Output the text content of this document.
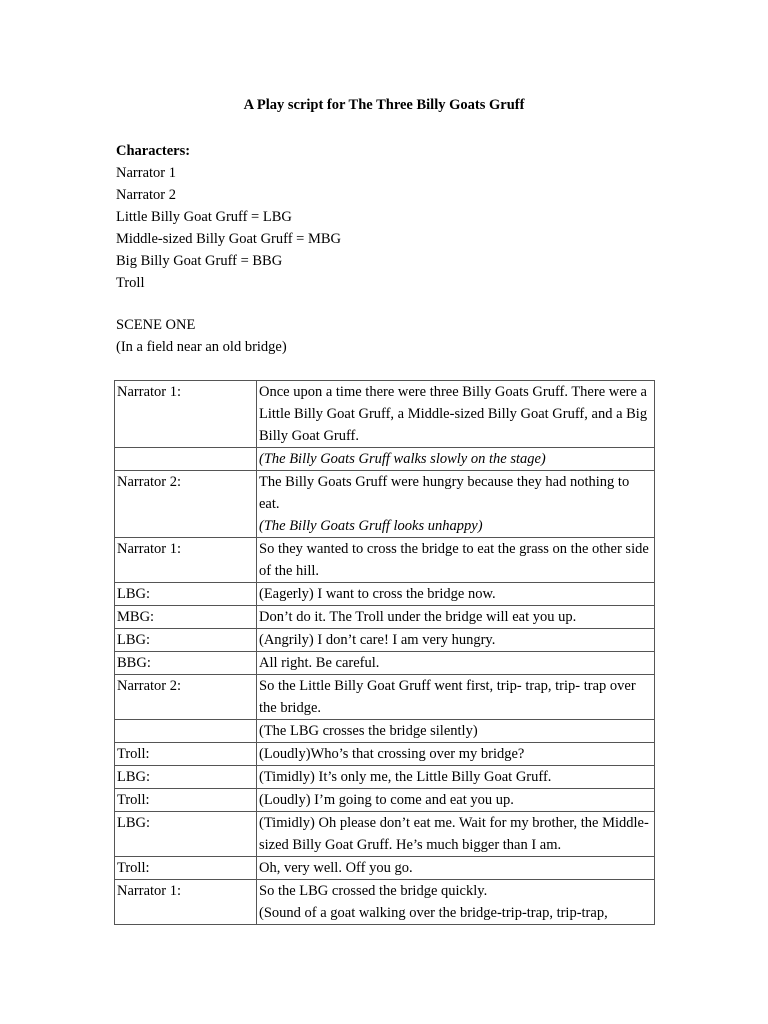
A Play script for The Three Billy Goats Gruff
Characters:
Narrator 1
Narrator 2
Little Billy Goat Gruff = LBG
Middle-sized Billy Goat Gruff = MBG
Big Billy Goat Gruff = BBG
Troll
SCENE ONE
(In a field near an old bridge)
Narrator 1:	Once upon a time there were three Billy Goats Gruff. There were a Little Billy Goat Gruff, a Middle-sized Billy Goat Gruff, and a Big Billy Goat Gruff.

	(The Billy Goats Gruff walks slowly on the stage)

Narrator 2:	The Billy Goats Gruff were hungry because they had nothing to eat.
(The Billy Goats Gruff looks unhappy)

Narrator 1:	So they wanted to cross the bridge to eat the grass on the other side of the hill.

LBG:	(Eagerly) I want to cross the bridge now.

MBG:	Don’t do it. The Troll under the bridge will eat you up.

LBG:	(Angrily) I don’t care! I am very hungry.

BBG:	All right. Be careful.

Narrator 2:	So the Little Billy Goat Gruff went first, trip- trap, trip- trap over the bridge.

	(The LBG crosses the bridge silently)

Troll:	(Loudly)Who’s that crossing over my bridge?

LBG:	(Timidly) It’s only me, the Little Billy Goat Gruff.

Troll:	(Loudly) I’m going to come and eat you up.

LBG:	(Timidly) Oh please don’t eat me. Wait for my brother, the Middle-sized Billy Goat Gruff. He’s much bigger than I am.

Troll:	Oh, very well. Off you go.

Narrator 1:	So the LBG crossed the bridge quickly.
(Sound of a goat walking over the bridge-trip-trap, trip-trap,
